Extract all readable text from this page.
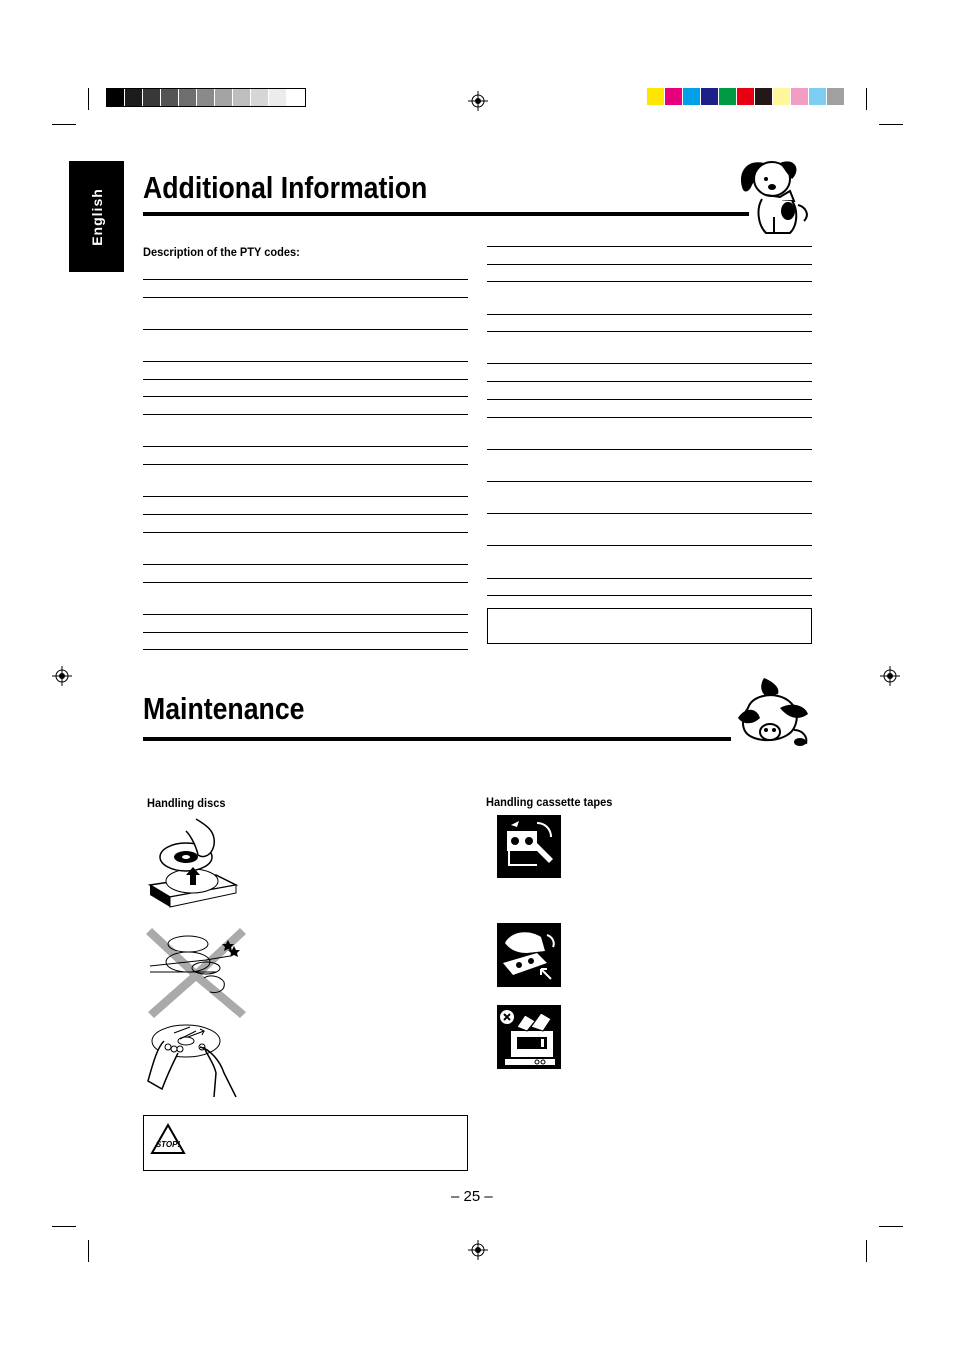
English
Additional Information
Description of the PTY codes:
Maintenance
Handling discs
STOP!
Handling cassette tapes
– 25 –
